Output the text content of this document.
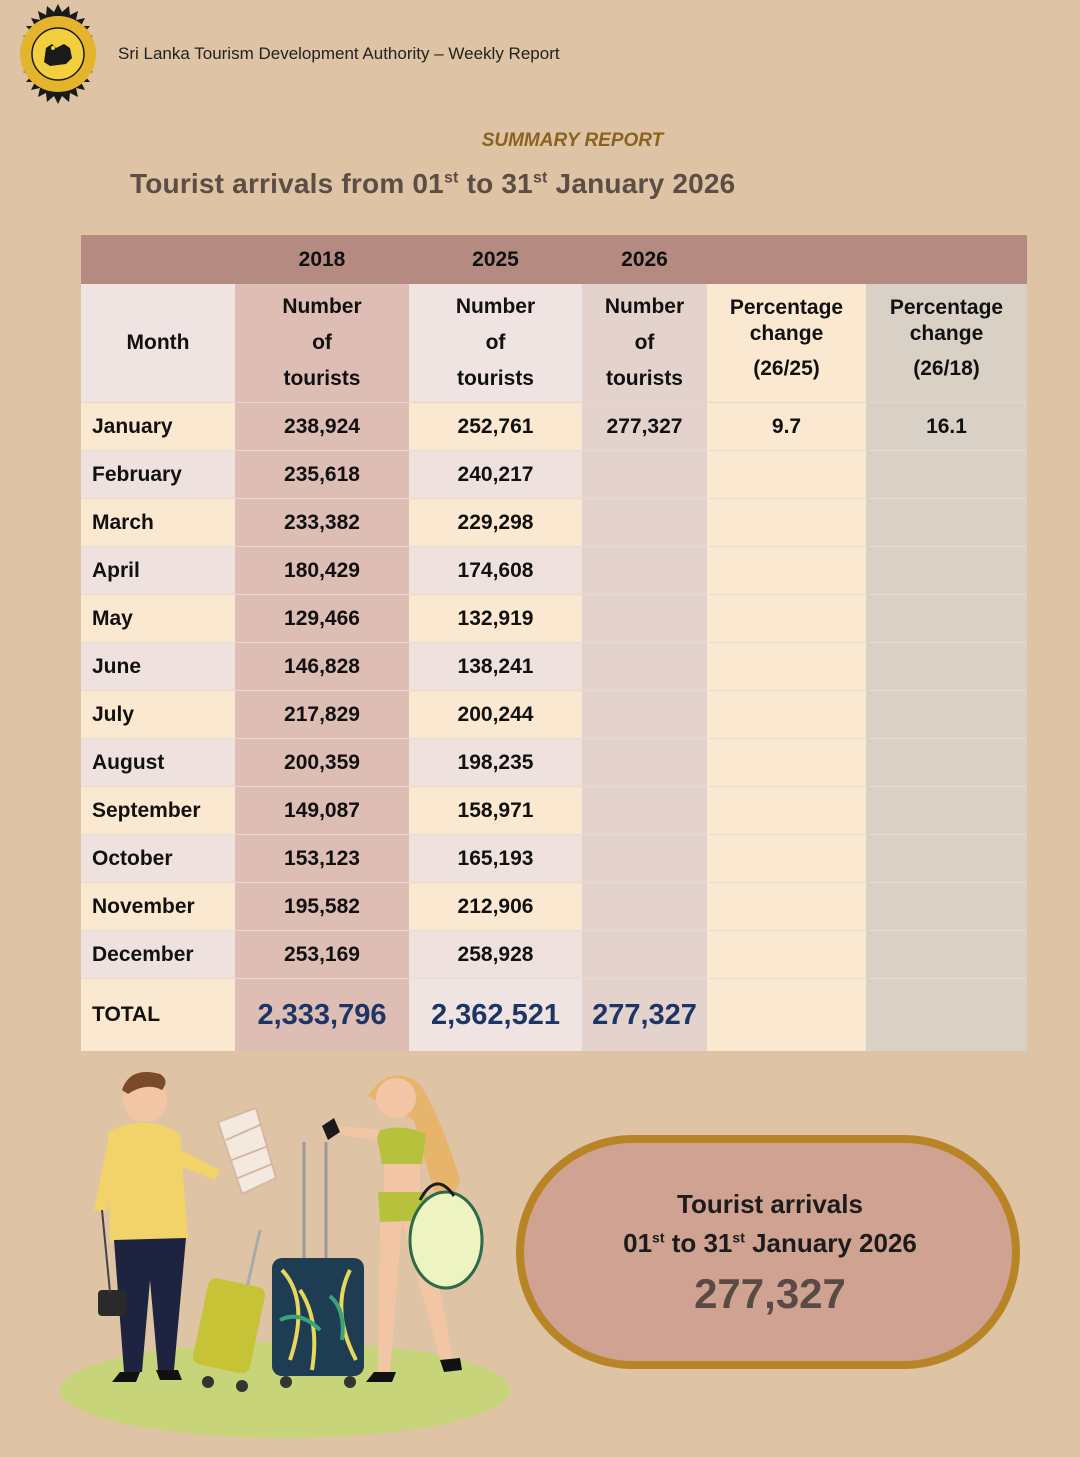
Sri Lanka Tourism Development Authority – Weekly Report
SUMMARY REPORT
Tourist arrivals from 01st to 31st January 2026
	2018	2025	2026		
Month	Number
of
tourists	Number
of
tourists	Number
of
tourists	Percentage
change
(26/25)	Percentage
change
(26/18)
January	238,924	252,761	277,327	9.7	16.1
February	235,618	240,217			
March	233,382	229,298			
April	180,429	174,608			
May	129,466	132,919			
June	146,828	138,241			
July	217,829	200,244			
August	200,359	198,235			
September	149,087	158,971			
October	153,123	165,193			
November	195,582	212,906			
December	253,169	258,928			
TOTAL	2,333,796	2,362,521	277,327		
Tourist arrivals
01st to 31st January 2026
277,327
